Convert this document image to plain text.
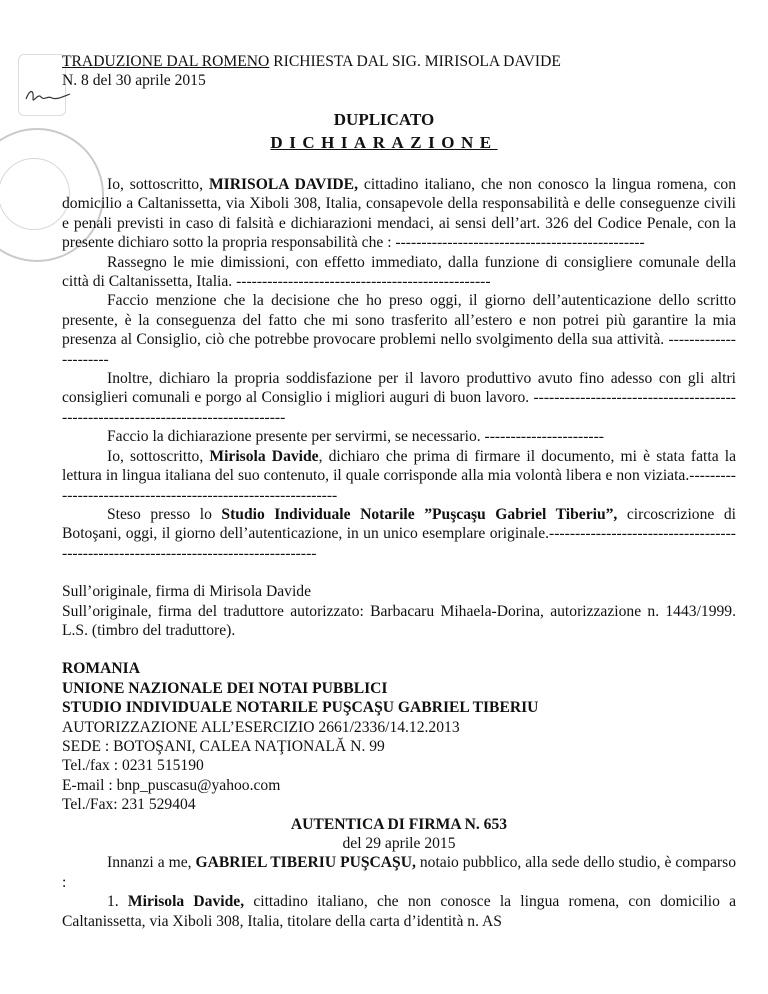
TRADUZIONE DAL ROMENO RICHIESTA DAL SIG. MIRISOLA DAVIDE
N. 8 del 30 aprile 2015
DUPLICATO
DICHIARAZIONE

Io, sottoscritto, MIRISOLA DAVIDE, cittadino italiano, che non conosco la lingua romena, con domicilio a Caltanissetta, via Xiboli 308, Italia, consapevole della responsabilità e delle conseguenze civili e penali previsti in caso di falsità e dichiarazioni mendaci, ai sensi dell’art. 326 del Codice Penale, con la presente dichiaro sotto la propria responsabilità che : ------------------------------------------------

Rassegno le mie dimissioni, con effetto immediato, dalla funzione di consigliere comunale della città di Caltanissetta, Italia. -------------------------------------------------

Faccio menzione che la decisione che ho preso oggi, il giorno dell’autenticazione dello scritto presente, è la conseguenza del fatto che mi sono trasferito all’estero e non potrei più garantire la mia presenza al Consiglio, ciò che potrebbe provocare problemi nello svolgimento della sua attività. ----------------------

Inoltre, dichiaro la propria soddisfazione per il lavoro produttivo avuto fino adesso con gli altri consiglieri comunali e porgo al Consiglio i migliori auguri di buon lavoro. ----------------------------------------------------------------------------------

Faccio la dichiarazione presente per servirmi, se necessario. -----------------------

Io, sottoscritto, Mirisola Davide, dichiaro che prima di firmare il documento, mi è stata fatta la lettura in lingua italiana del suo contenuto, il quale corrisponde alla mia volontà libera e non viziata.--------------------------------------------------------------

Steso presso lo Studio Individuale Notarile ”Puşcaşu Gabriel Tiberiu”, circoscrizione di Botoşani, oggi, il giorno dell’autenticazione, in un unico esemplare originale.-------------------------------------------------------------------------------------

Sull’originale, firma di Mirisola Davide

Sull’originale, firma del traduttore autorizzato: Barbacaru Mihaela-Dorina, autorizzazione n. 1443/1999. L.S. (timbro del traduttore).

ROMANIA
UNIONE NAZIONALE DEI NOTAI PUBBLICI
STUDIO INDIVIDUALE NOTARILE PUŞCAŞU GABRIEL TIBERIU
AUTORIZZAZIONE ALL’ESERCIZIO 2661/2336/14.12.2013
SEDE : BOTOŞANI, CALEA NAŢIONALĂ N. 99
Tel./fax : 0231 515190
E-mail : bnp_puscasu@yahoo.com
Tel./Fax: 231 529404
AUTENTICA DI FIRMA N. 653
del 29 aprile 2015

Innanzi a me, GABRIEL TIBERIU PUŞCAŞU, notaio pubblico, alla sede dello studio, è comparso :

1. Mirisola Davide, cittadino italiano, che non conosce la lingua romena, con domicilio a Caltanissetta, via Xiboli 308, Italia, titolare della carta d’identità n. AS
